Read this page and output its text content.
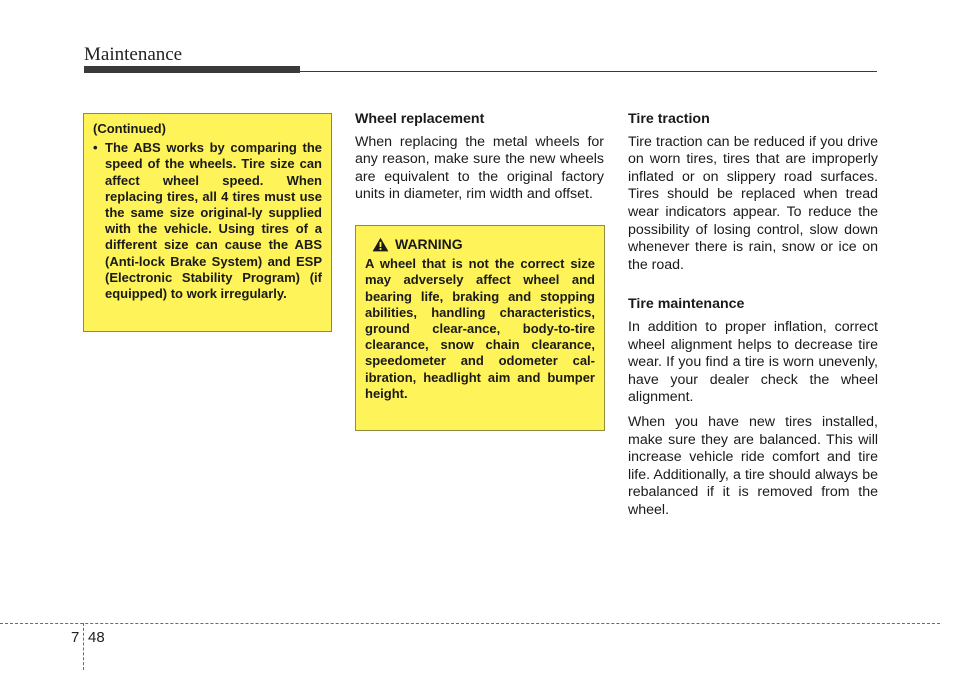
Maintenance
(Continued)
• The ABS works by comparing the speed of the wheels. Tire size can affect wheel speed. When replacing tires, all 4 tires must use the same size original-ly supplied with the vehicle. Using tires of a different size can cause the ABS (Anti-lock Brake System) and ESP (Electronic Stability Program) (if equipped) to work irregularly.

Wheel replacement

When replacing the metal wheels for any reason, make sure the new wheels are equivalent to the original factory units in diameter, rim width and offset.

WARNING
A wheel that is not the correct size may adversely affect wheel and bearing life, braking and stopping abilities, handling characteristics, ground clear-ance, body-to-tire clearance, snow chain clearance, speedometer and odometer cal-ibration, headlight aim and bumper height.

Tire traction

Tire traction can be reduced if you drive on worn tires, tires that are improperly inflated or on slippery road surfaces. Tires should be replaced when tread wear indicators appear. To reduce the possibility of losing control, slow down whenever there is rain, snow or ice on the road.

Tire maintenance

In addition to proper inflation, correct wheel alignment helps to decrease tire wear. If you find a tire is worn unevenly, have your dealer check the wheel alignment.

When you have new tires installed, make sure they are balanced. This will increase vehicle ride comfort and tire life. Additionally, a tire should always be rebalanced if it is removed from the wheel.

7 48
